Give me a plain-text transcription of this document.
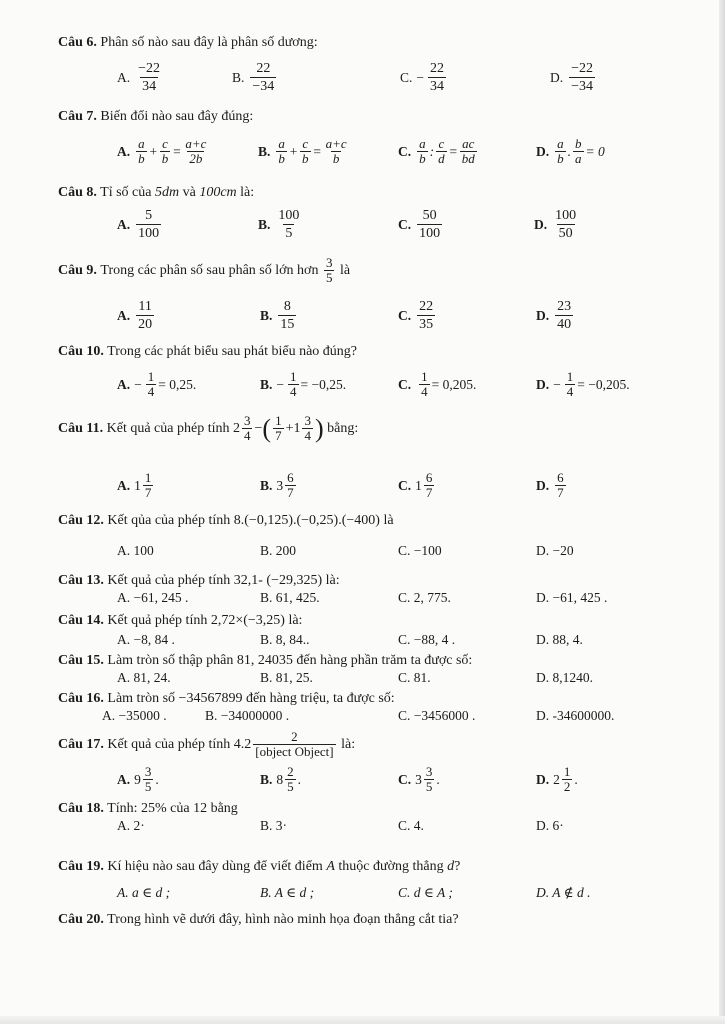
Câu 6. Phân số nào sau đây là phân số dương:
A. $\frac{-22}{34}$	B. $\frac{22}{-34}$	C. − $\frac{22}{34}$	D. $\frac{-22}{-34}$
Câu 7. Biến đổi nào sau đây đúng:
A. $\frac{a}{b} + \frac{c}{b} = \frac{a+c}{2b}$	B. $\frac{a}{b} + \frac{c}{b} = \frac{a+c}{b}$	C. $\frac{a}{b}$ : $\frac{c}{d} = \frac{ac}{bd}$	D. $\frac{a}{b}$ . $\frac{b}{a} = 0$
Câu 8. Tỉ số của 5dm và 100cm là:
A. $\frac{5}{100}$	B. $\frac{100}{5}$	C. $\frac{50}{100}$	D. $\frac{100}{50}$
Câu 9.
Trong các phân số sau phân số lớn hơn
$\frac{3}{5}$
là
A. $\frac{11}{20}$	B. $\frac{8}{15}$	C. $\frac{22}{35}$	D. $\frac{23}{40}$
Câu 10. Trong các phát biểu sau phát biểu nào đúng?
A. − $\frac{1}{4} = 0,25$.	B. − $\frac{1}{4} = -0,25$.	C. $\frac{1}{4} = 0,205$.	D. − $\frac{1}{4} = -0,205$.
Câu 11.
Kết quả của phép tính
$2 \frac{3}{4}$ − ( $\frac{1}{7} +1 \frac{3}{4}$ )
bằng:
A. $1 \frac{1}{7}$	B. $3 \frac{6}{7}$	C. $1 \frac{6}{7}$	D. $\frac{6}{7}$
Câu 12. Kết qủa của phép tính 8.(−0,125).(−0,25).(−400) là
A. 100	B. 200	C. −100	D. −20
Câu 13. Kết quả của phép tính 32,1- (−29,325) là:
A. −61, 245 .	B. 61, 425.	C. 2, 775.	D. −61, 425 .
Câu 14. Kết quả phép tính 2,72×(−3,25) là:
A. −8, 84 .	B. 8, 84..	C. −88, 4 .	D. 88, 4.
Câu 15. Làm tròn số thập phân 81, 24035 đến hàng phần trăm ta được số:
A. 81, 24.	B. 81, 25.	C. 81.	D. 8,1240.
Câu 16. Làm tròn số −34567899 đến hàng triệu, ta được số:
A. −35000 .	B. −34000000 .	C. −3456000 .	D. -34600000.
Câu 17.
Kết quả của phép tính 4. $2 \frac{2}{\text{[object Object]}}$
là:
A. $9 \frac{3}{5}$ .	B. $8 \frac{2}{5}$ .	C. $3 \frac{3}{5}$ .	D. $2 \frac{1}{2}$ .
Câu 18. Tính: 25% của 12 bằng
A. 2·	B. 3·	C. 4.	D. 6·
Câu 19. Kí hiệu nào sau đây dùng để viết điểm A thuộc đường thẳng d?
A. a ∈ d ;	B. A ∈ d ;	C. d ∈ A ;	D. A ∉ d .
Câu 20. Trong hình vẽ dưới đây, hình nào minh họa đoạn thẳng cắt tia?
